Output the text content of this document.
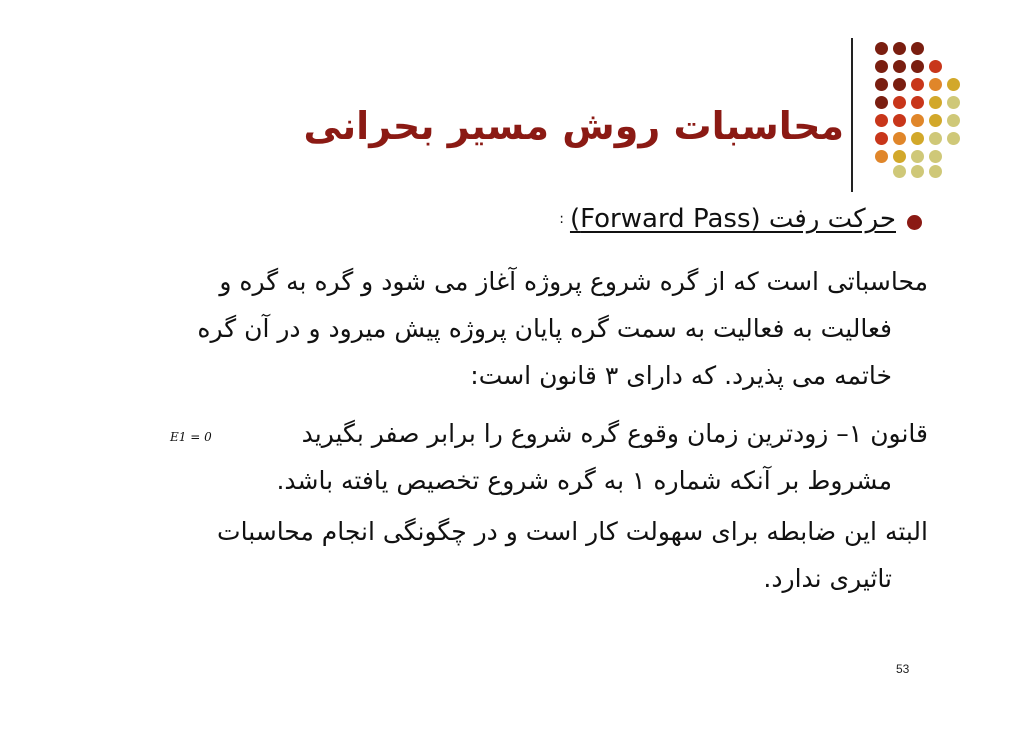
محاسبات روش مسير بحرانی
حرکت رفت (Forward Pass):
محاسباتی است که از گره شروع پروژه آغاز می شود و گره به گره و
فعالیت به فعالیت به سمت گره پایان پروژه پیش میرود و در آن گره
خاتمه می پذیرد. که دارای ۳ قانون است:
قانون ۱– زودترین زمان وقوع گره شروع را برابر صفر بگیرید
مشروط بر آنکه شماره ۱ به گره شروع تخصیص یافته باشد.
E1 = 0
البته این ضابطه برای سهولت کار است و در چگونگی انجام محاسبات
تاثیری ندارد.
53
